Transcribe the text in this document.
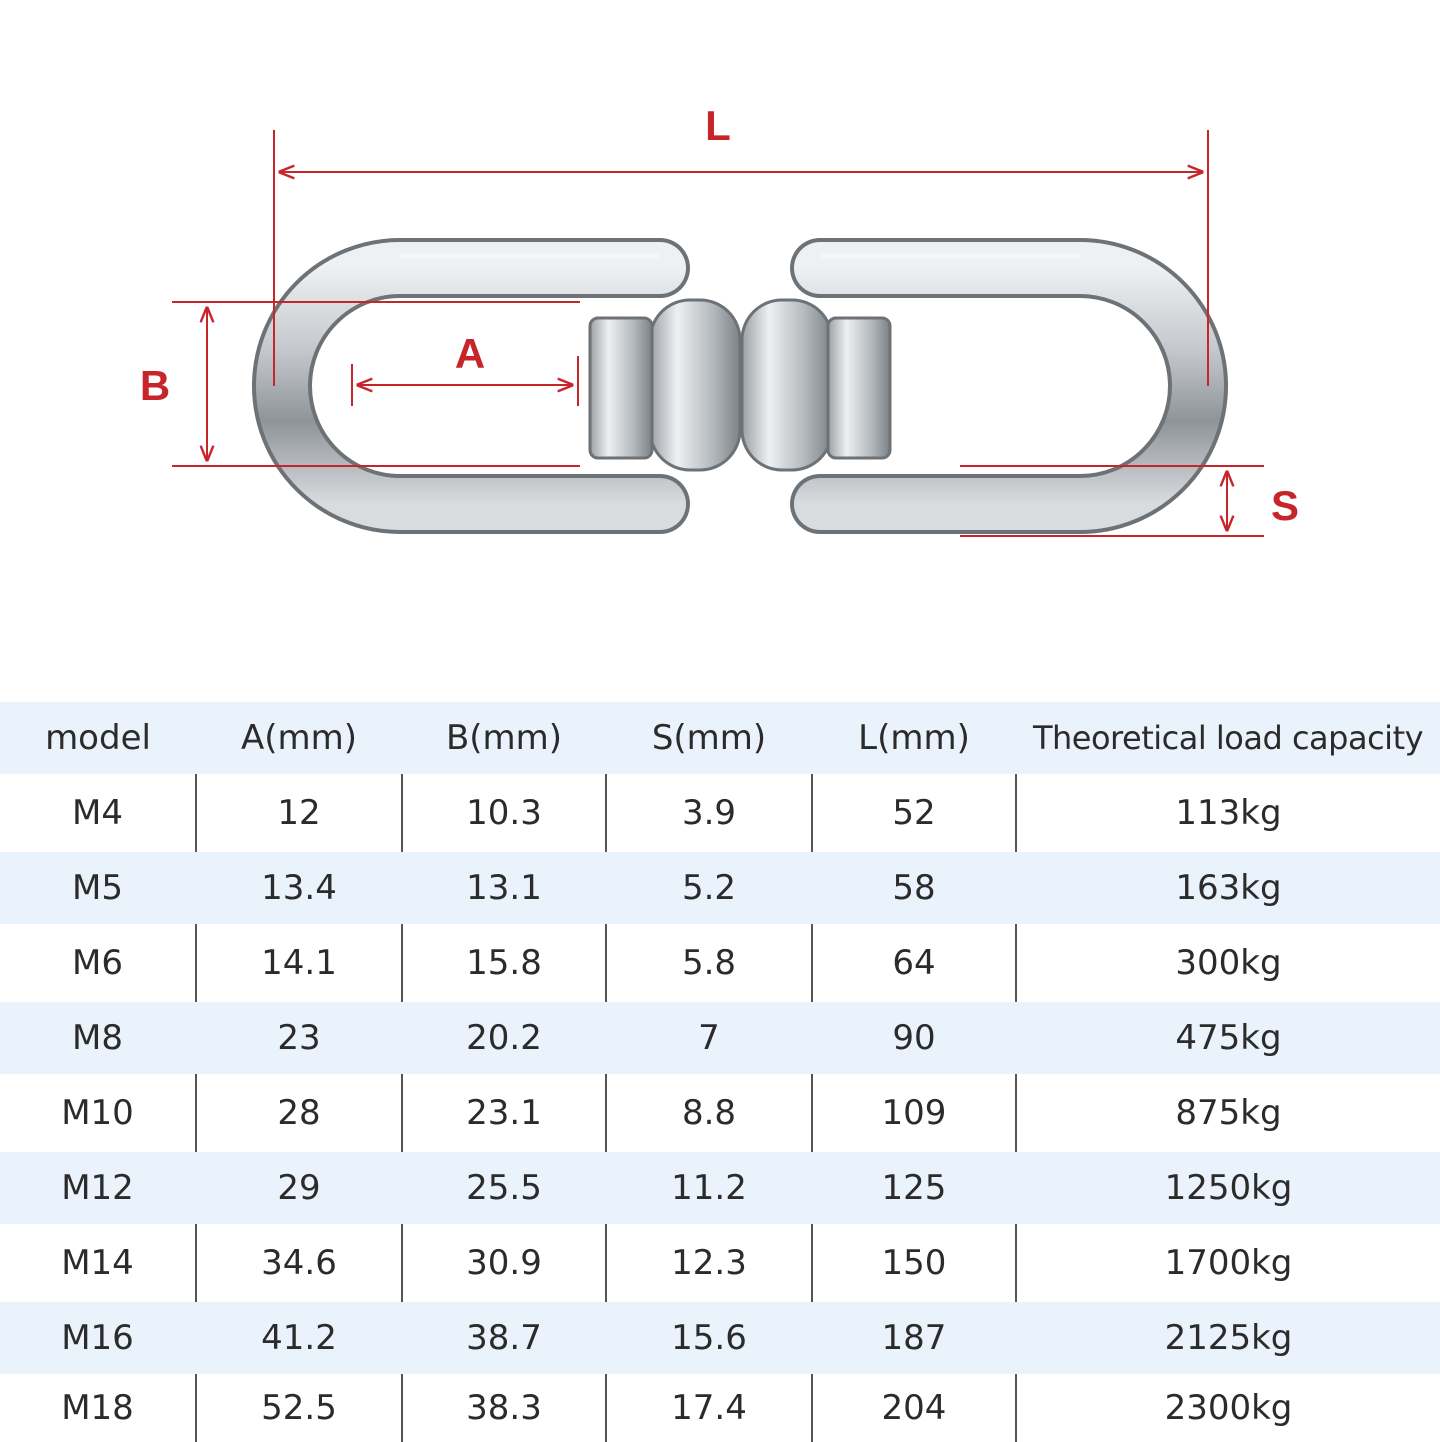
L
B
A
S
model	A(mm)	B(mm)	S(mm)	L(mm)	Theoretical load capacity
M4	12	10.3	3.9	52	113kg
M5	13.4	13.1	5.2	58	163kg
M6	14.1	15.8	5.8	64	300kg
M8	23	20.2	7	90	475kg
M10	28	23.1	8.8	109	875kg
M12	29	25.5	11.2	125	1250kg
M14	34.6	30.9	12.3	150	1700kg
M16	41.2	38.7	15.6	187	2125kg
M18	52.5	38.3	17.4	204	2300kg
